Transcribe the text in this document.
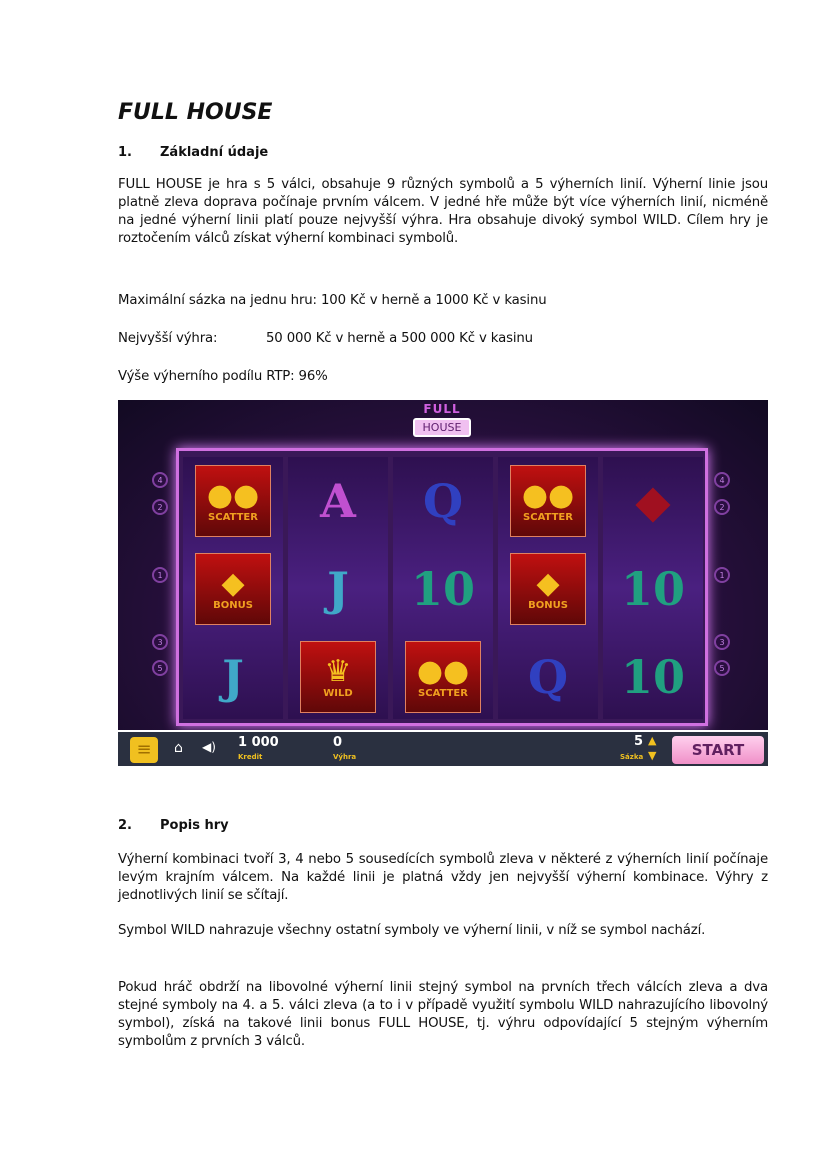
FULL HOUSE
1. Základní údaje
FULL HOUSE je hra s 5 válci, obsahuje 9 různých symbolů a 5 výherních linií. Výherní linie jsou platně zleva doprava počínaje prvním válcem. V jedné hře může být více výherních linií, nicméně na jedné výherní linii platí pouze nejvyšší výhra. Hra obsahuje divoký symbol WILD. Cílem hry je roztočením válců získat výherní kombinaci symbolů.
Maximální sázka na jednu hru: 100 Kč v herně a 1000 Kč v kasinu
Nejvyšší výhra:	50 000 Kč v herně a 500 000 Kč v kasinu
Výše výherního podílu RTP: 96%
FULL
HOUSE
●●
SCATTER
◆
BONUS
J
A
J
♛
WILD
Q
10
●●
SCATTER
●●
SCATTER
◆
BONUS
Q
◆
10
10
≡	⌂ ◀) 1 000
Kredit
0
Výhra
5
Sázka
▲
▼	START
4	4
2	2
1	1
3	3
5	5
2. Popis hry
Výherní kombinaci tvoří 3, 4 nebo 5 sousedících symbolů zleva v některé z výherních linií počínaje levým krajním válcem. Na každé linii je platná vždy jen nejvyšší výherní kombinace. Výhry z jednotlivých linií se sčítají.
Symbol WILD nahrazuje všechny ostatní symboly ve výherní linii, v níž se symbol nachází.
Pokud hráč obdrží na libovolné výherní linii stejný symbol na prvních třech válcích zleva a dva stejné symboly na 4. a 5. válci zleva (a to i v případě využití symbolu WILD nahrazujícího libovolný symbol), získá na takové linii bonus FULL HOUSE, tj. výhru odpovídající 5 stejným výherním symbolům z prvních 3 válců.
